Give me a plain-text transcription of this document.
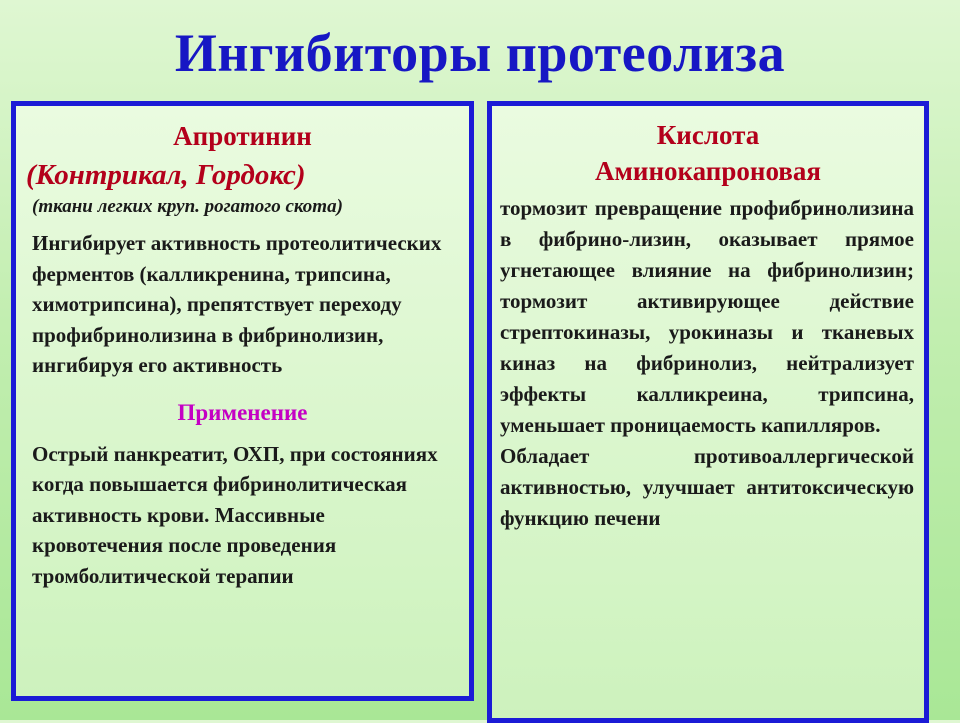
Ингибиторы протеолиза
Апротинин
(Контрикал, Гордокс)
(ткани легких круп. рогатого скота)
Ингибирует активность протеолитических ферментов (калликренина, трипсина, химотрипсина), препятствует переходу профибринолизина в фибринолизин, ингибируя его активность
Применение
Острый панкреатит, ОХП, при состояниях когда повышается фибринолитическая активность крови. Массивные кровотечения после проведения тромболитической терапии
Кислота
Аминокапроновая

тормозит превращение профибринолизина в фибрино-лизин, оказывает прямое угнетающее влияние на фибринолизин; тормозит активирующее действие стрептокиназы, урокиназы и тканевых киназ на фибринолиз, нейтрализует эффекты калликреина, трипсина, уменьшает проницаемость капилляров.

Обладает противоаллергической активностью, улучшает антитоксическую функцию печени
